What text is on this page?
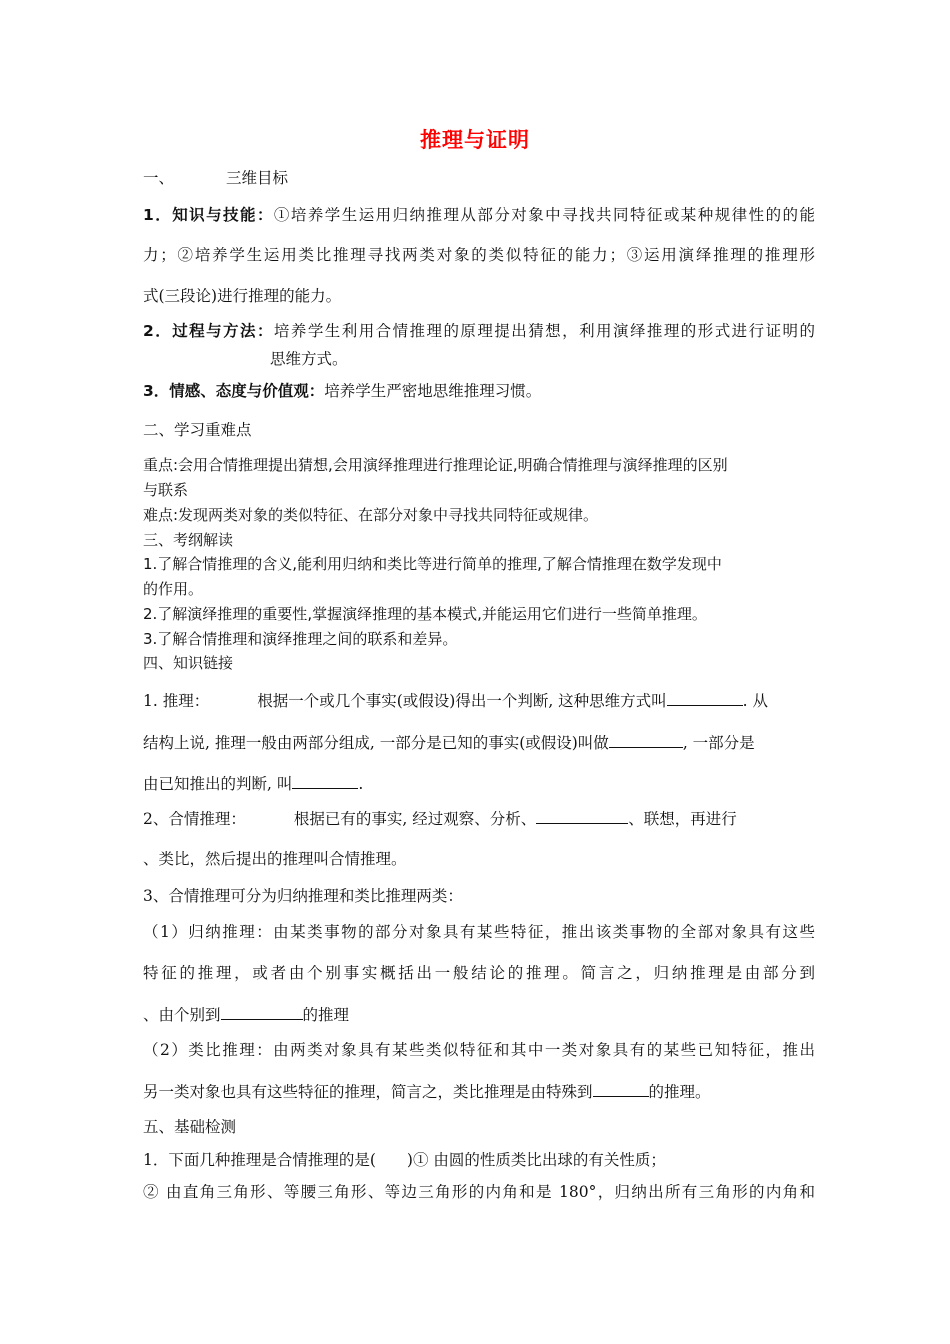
推理与证明
一、	三维目标
1．知识与技能：①培养学生运用归纳推理从部分对象中寻找共同特征或某种规律性的的能
力；②培养学生运用类比推理寻找两类对象的类似特征的能力；③运用演绎推理的推理形
式(三段论)进行推理的能力。
2．过程与方法：培养学生利用合情推理的原理提出猜想，利用演绎推理的形式进行证明的
思维方式。
3．情感、态度与价值观：培养学生严密地思维推理习惯。
二、学习重难点
重点:会用合情推理提出猜想,会用演绎推理进行推理论证,明确合情推理与演绎推理的区别
与联系
难点:发现两类对象的类似特征、在部分对象中寻找共同特征或规律。
三、考纲解读
1.了解合情推理的含义,能利用归纳和类比等进行简单的推理,了解合情推理在数学发现中
的作用。
2.了解演绎推理的重要性,掌握演绎推理的基本模式,并能运用它们进行一些简单推理。
3.了解合情推理和演绎推理之间的联系和差异。
四、知识链接
1. 推理：	根据一个或几个事实(或假设)得出一个判断, 这种思维方式叫	. 从
结构上说, 推理一般由两部分组成, 一部分是已知的事实(或假设)叫做	, 一部分是
由已知推出的判断, 叫	.
2、合情推理：	根据已有的事实, 经过观察、分析、	、联想，再进行
、类比，然后提出的推理叫合情推理。
3、合情推理可分为归纳推理和类比推理两类：
（1）归纳推理：由某类事物的部分对象具有某些特征，推出该类事物的全部对象具有这些
特征的推理，或者由个别事实概括出一般结论的推理。简言之，归纳推理是由部分到
、由个别到	的推理
（2）类比推理：由两类对象具有某些类似特征和其中一类对象具有的某些已知特征，推出
另一类对象也具有这些特征的推理，简言之，类比推理是由特殊到	的推理。
五、基础检测
1．下面几种推理是合情推理的是(　　)① 由圆的性质类比出球的有关性质；
② 由直角三角形、等腰三角形、等边三角形的内角和是 180°，归纳出所有三角形的内角和
